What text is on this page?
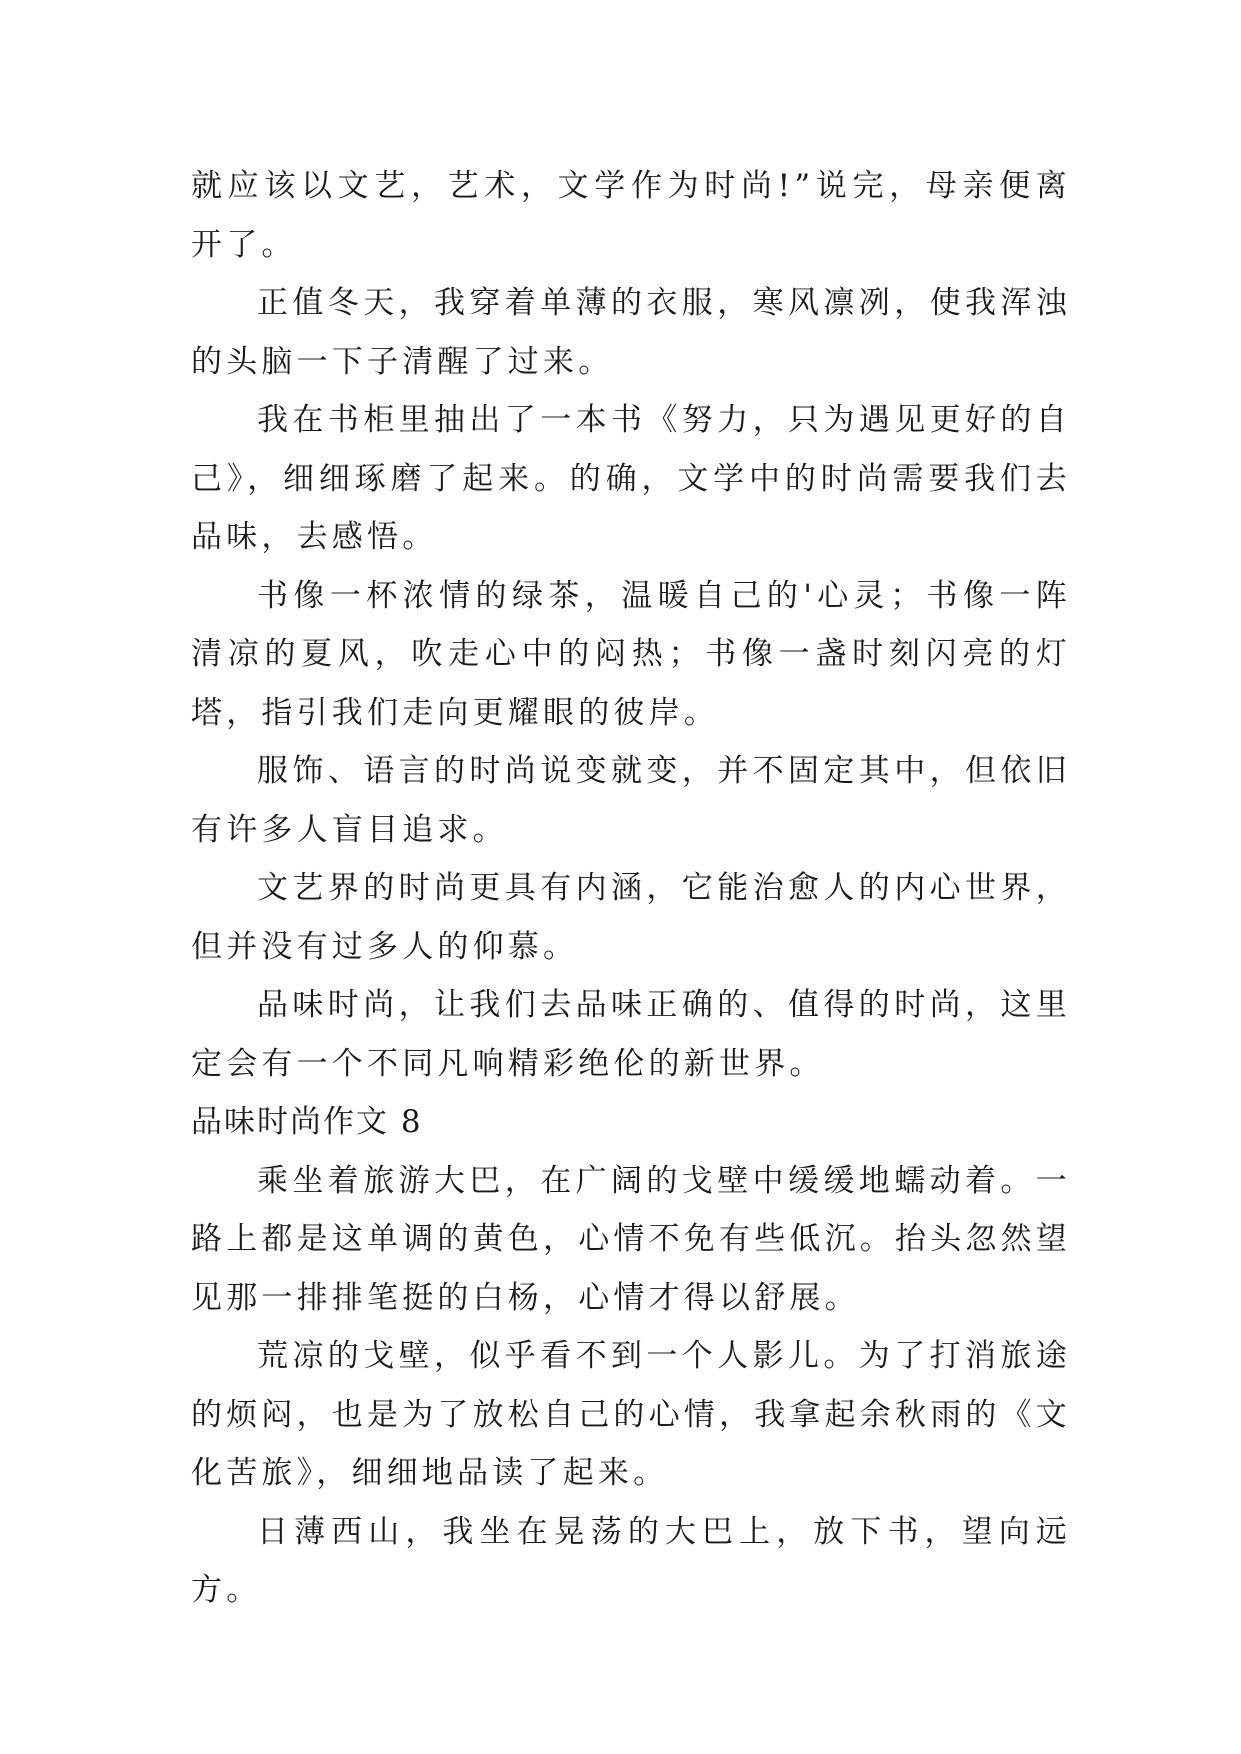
就应该以文艺，艺术，文学作为时尚!”说完，母亲便离开了。

正值冬天，我穿着单薄的衣服，寒风凛冽，使我浑浊的头脑一下子清醒了过来。

我在书柜里抽出了一本书《努力，只为遇见更好的自己》，细细琢磨了起来。的确，文学中的时尚需要我们去品味，去感悟。

书像一杯浓情的绿茶，温暖自己的'心灵；书像一阵清凉的夏风，吹走心中的闷热；书像一盏时刻闪亮的灯塔，指引我们走向更耀眼的彼岸。

服饰、语言的时尚说变就变，并不固定其中，但依旧有许多人盲目追求。

文艺界的时尚更具有内涵，它能治愈人的内心世界，但并没有过多人的仰慕。

品味时尚，让我们去品味正确的、值得的时尚，这里定会有一个不同凡响精彩绝伦的新世界。

品味时尚作文 8

乘坐着旅游大巴，在广阔的戈壁中缓缓地蠕动着。一路上都是这单调的黄色，心情不免有些低沉。抬头忽然望见那一排排笔挺的白杨，心情才得以舒展。

荒凉的戈壁，似乎看不到一个人影儿。为了打消旅途的烦闷，也是为了放松自己的心情，我拿起余秋雨的《文化苦旅》，细细地品读了起来。

日薄西山，我坐在晃荡的大巴上，放下书，望向远方。
